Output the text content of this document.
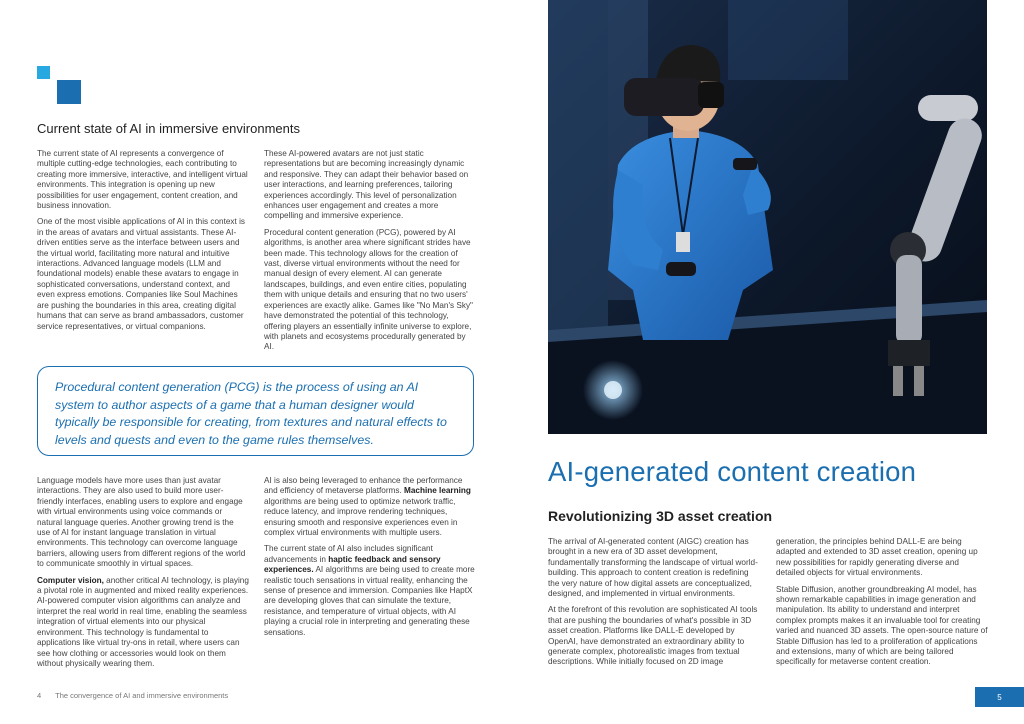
Current state of AI in immersive environments

The current state of AI represents a convergence of multiple cutting-edge technologies, each contributing to creating more immersive, interactive, and intelligent virtual environments. This integration is opening up new possibilities for user engagement, content creation, and business innovation.

One of the most visible applications of AI in this context is in the areas of avatars and virtual assistants. These AI-driven entities serve as the interface between users and the virtual world, facilitating more natural and intuitive interactions. Advanced language models (LLM and foundational models) enable these avatars to engage in sophisticated conversations, understand context, and even express emotions. Companies like Soul Machines are pushing the boundaries in this area, creating digital humans that can serve as brand ambassadors, customer service representatives, or virtual companions.

These AI-powered avatars are not just static representations but are becoming increasingly dynamic and responsive. They can adapt their behavior based on user interactions, and learning preferences, tailoring experiences accordingly. This level of personalization enhances user engagement and creates a more compelling and immersive experience.

Procedural content generation (PCG), powered by AI algorithms, is another area where significant strides have been made. This technology allows for the creation of vast, diverse virtual environments without the need for manual design of every element. AI can generate landscapes, buildings, and even entire cities, populating them with unique details and ensuring that no two users' experiences are exactly alike. Games like "No Man's Sky" have demonstrated the potential of this technology, offering players an essentially infinite universe to explore, with planets and ecosystems procedurally generated by AI.

Procedural content generation (PCG) is the process of using an AI system to author aspects of a game that a human designer would typically be responsible for creating, from textures and natural effects to levels and quests and even to the game rules themselves.

Language models have more uses than just avatar interactions. They are also used to build more user-friendly interfaces, enabling users to explore and engage with virtual environments using voice commands or natural language queries. Another growing trend is the use of AI for instant language translation in virtual environments. This technology can overcome language barriers, allowing users from different regions of the world to communicate smoothly in virtual spaces.

Computer vision, another critical AI technology, is playing a pivotal role in augmented and mixed reality experiences. AI-powered computer vision algorithms can analyze and interpret the real world in real time, enabling the seamless integration of virtual elements into our physical environment. This technology is fundamental to applications like virtual try-ons in retail, where users can see how clothing or accessories would look on them without physically wearing them.

AI is also being leveraged to enhance the performance and efficiency of metaverse platforms. Machine learning algorithms are being used to optimize network traffic, reduce latency, and improve rendering techniques, ensuring smooth and responsive experiences even in complex virtual environments with multiple users.

The current state of AI also includes significant advancements in haptic feedback and sensory experiences. AI algorithms are being used to create more realistic touch sensations in virtual reality, enhancing the sense of presence and immersion. Companies like HaptX are developing gloves that can simulate the texture, resistance, and temperature of virtual objects, with AI playing a crucial role in interpreting and generating these sensations.

4 The convergence of AI and immersive environments
AI-generated content creation
Revolutionizing 3D asset creation

The arrival of AI-generated content (AIGC) creation has brought in a new era of 3D asset development, fundamentally transforming the landscape of virtual world-building. This approach to content creation is redefining the very nature of how digital assets are conceptualized, designed, and implemented in virtual environments.

At the forefront of this revolution are sophisticated AI tools that are pushing the boundaries of what's possible in 3D asset creation. Platforms like DALL-E developed by OpenAI, have demonstrated an extraordinary ability to generate complex, photorealistic images from textual descriptions. While initially focused on 2D image

generation, the principles behind DALL-E are being adapted and extended to 3D asset creation, opening up new possibilities for rapidly generating diverse and detailed objects for virtual environments.

Stable Diffusion, another groundbreaking AI model, has shown remarkable capabilities in image generation and manipulation. Its ability to understand and interpret complex prompts makes it an invaluable tool for creating varied and nuanced 3D assets. The open-source nature of Stable Diffusion has led to a proliferation of applications and extensions, many of which are being tailored specifically for metaverse content creation.

5
